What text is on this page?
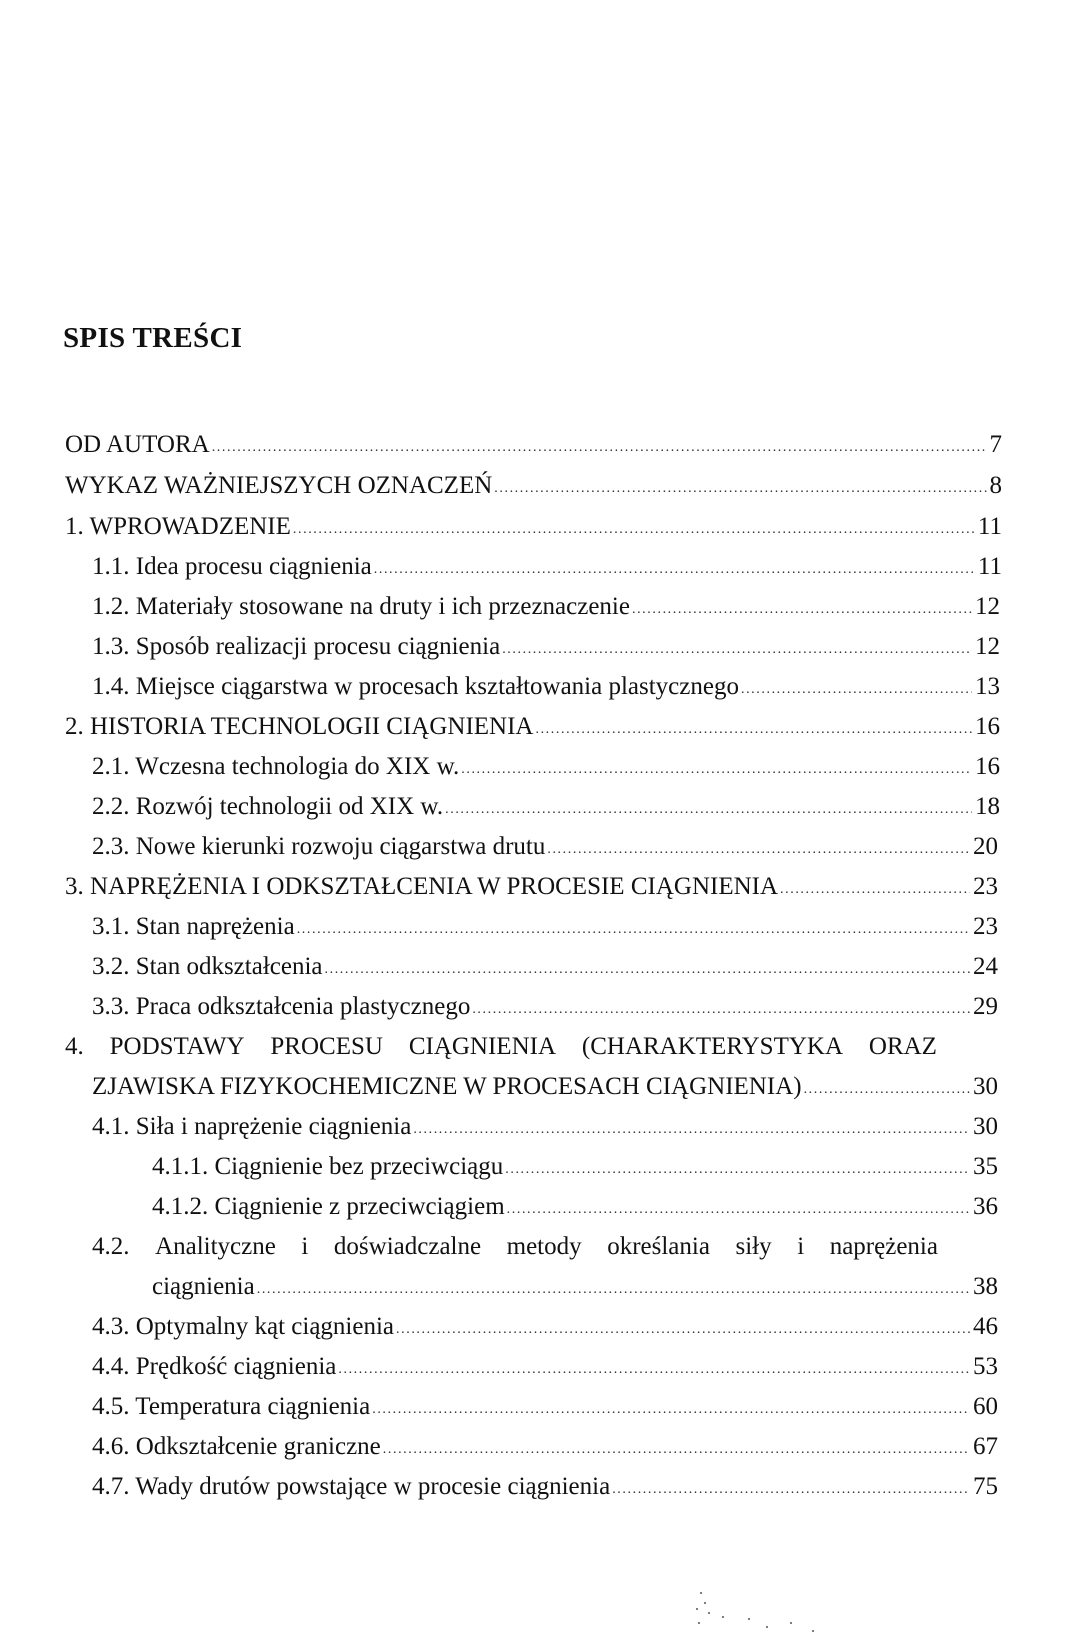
SPIS TREŚCI
OD AUTORA .....	7
WYKAZ WAŻNIEJSZYCH OZNACZEŃ .....	8
1. WPROWADZENIE .....	11
1.1. Idea procesu ciągnienia .....	11
1.2. Materiały stosowane na druty i ich przeznaczenie .....	12
1.3. Sposób realizacji procesu ciągnienia .....	12
1.4. Miejsce ciągarstwa w procesach kształtowania plastycznego .....	13
2. HISTORIA TECHNOLOGII CIĄGNIENIA .....	16
2.1. Wczesna technologia do XIX w. .....	16
2.2. Rozwój technologii od XIX w. .....	18
2.3. Nowe kierunki rozwoju ciągarstwa drutu .....	20
3. NAPRĘŻENIA I ODKSZTAŁCENIA W PROCESIE CIĄGNIENIA .....	23
3.1. Stan naprężenia .....	23
3.2. Stan odkształcenia .....	24
3.3. Praca odkształcenia plastycznego .....	29
4. PODSTAWY PROCESU CIĄGNIENIA (CHARAKTERYSTYKA ORAZ
ZJAWISKA FIZYKOCHEMICZNE W PROCESACH CIĄGNIENIA) .....	30
4.1. Siła i naprężenie ciągnienia .....	30
4.1.1. Ciągnienie bez przeciwciągu .....	35
4.1.2. Ciągnienie z przeciwciągiem .....	36
4.2. Analityczne i doświadczalne metody określania siły i naprężenia
ciągnienia .....	38
4.3. Optymalny kąt ciągnienia .....	46
4.4. Prędkość ciągnienia .....	53
4.5. Temperatura ciągnienia .....	60
4.6. Odkształcenie graniczne .....	67
4.7. Wady drutów powstające w procesie ciągnienia .....	75
